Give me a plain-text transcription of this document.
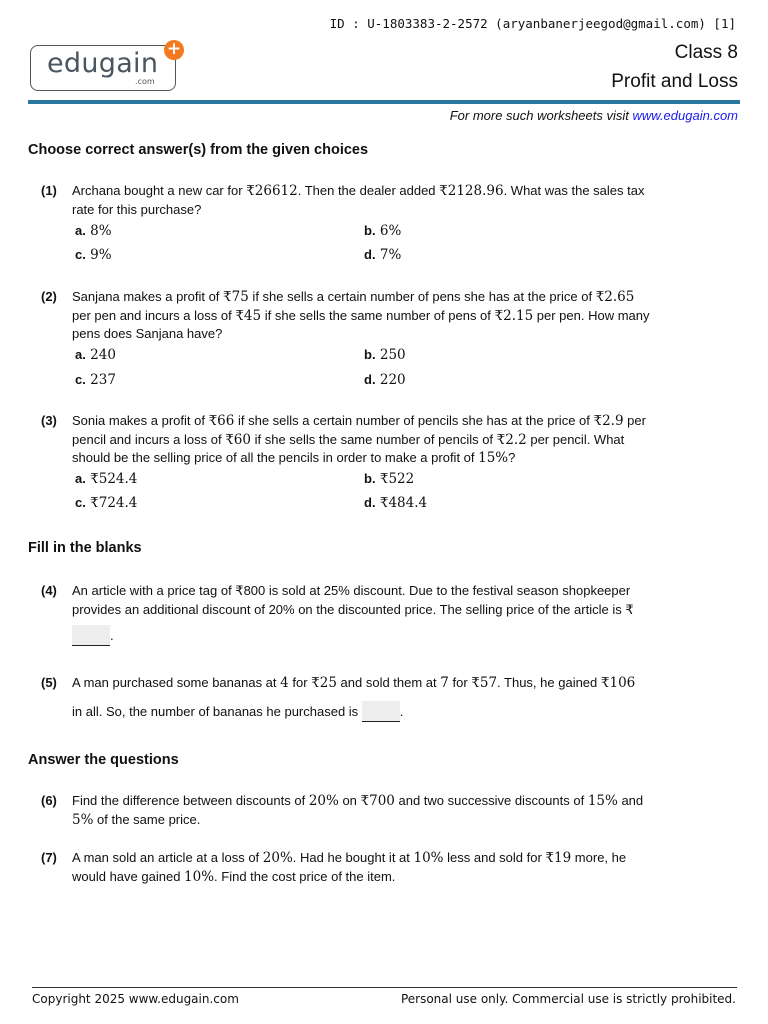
ID : U-1803383-2-2572 (aryanbanerjeegod@gmail.com) [1]
edugain
.com
+	Class 8
Profit and Loss
For more such worksheets visit www.edugain.com
Choose correct answer(s) from the given choices
(1) Archana bought a new car for ₹26612. Then the dealer added ₹2128.96. What was the sales tax rate for this purchase?
a. 8%	b. 6%
c. 9%	d. 7%
(2) Sanjana makes a profit of ₹75 if she sells a certain number of pens she has at the price of ₹2.65 per pen and incurs a loss of ₹45 if she sells the same number of pens of ₹2.15 per pen. How many pens does Sanjana have?
a. 240	b. 250
c. 237	d. 220
(3) Sonia makes a profit of ₹66 if she sells a certain number of pencils she has at the price of ₹2.9 per pencil and incurs a loss of ₹60 if she sells the same number of pencils of ₹2.2 per pencil. What should be the selling price of all the pencils in order to make a profit of 15%?
a. ₹524.4	b. ₹522
c. ₹724.4	d. ₹484.4
Fill in the blanks
(4) An article with a price tag of ₹800 is sold at 25% discount. Due to the festival season shopkeeper provides an additional discount of 20% on the discounted price. The selling price of the article is ₹
.
(5) A man purchased some bananas at 4 for ₹25 and sold them at 7 for ₹57. Thus, he gained ₹106
in all. So, the number of bananas he purchased is	.
Answer the questions
(6) Find the difference between discounts of 20% on ₹700 and two successive discounts of 15% and 5% of the same price.
(7) A man sold an article at a loss of 20%. Had he bought it at 10% less and sold for ₹19 more, he would have gained 10%. Find the cost price of the item.
Copyright 2025 www.edugain.com	Personal use only. Commercial use is strictly prohibited.
